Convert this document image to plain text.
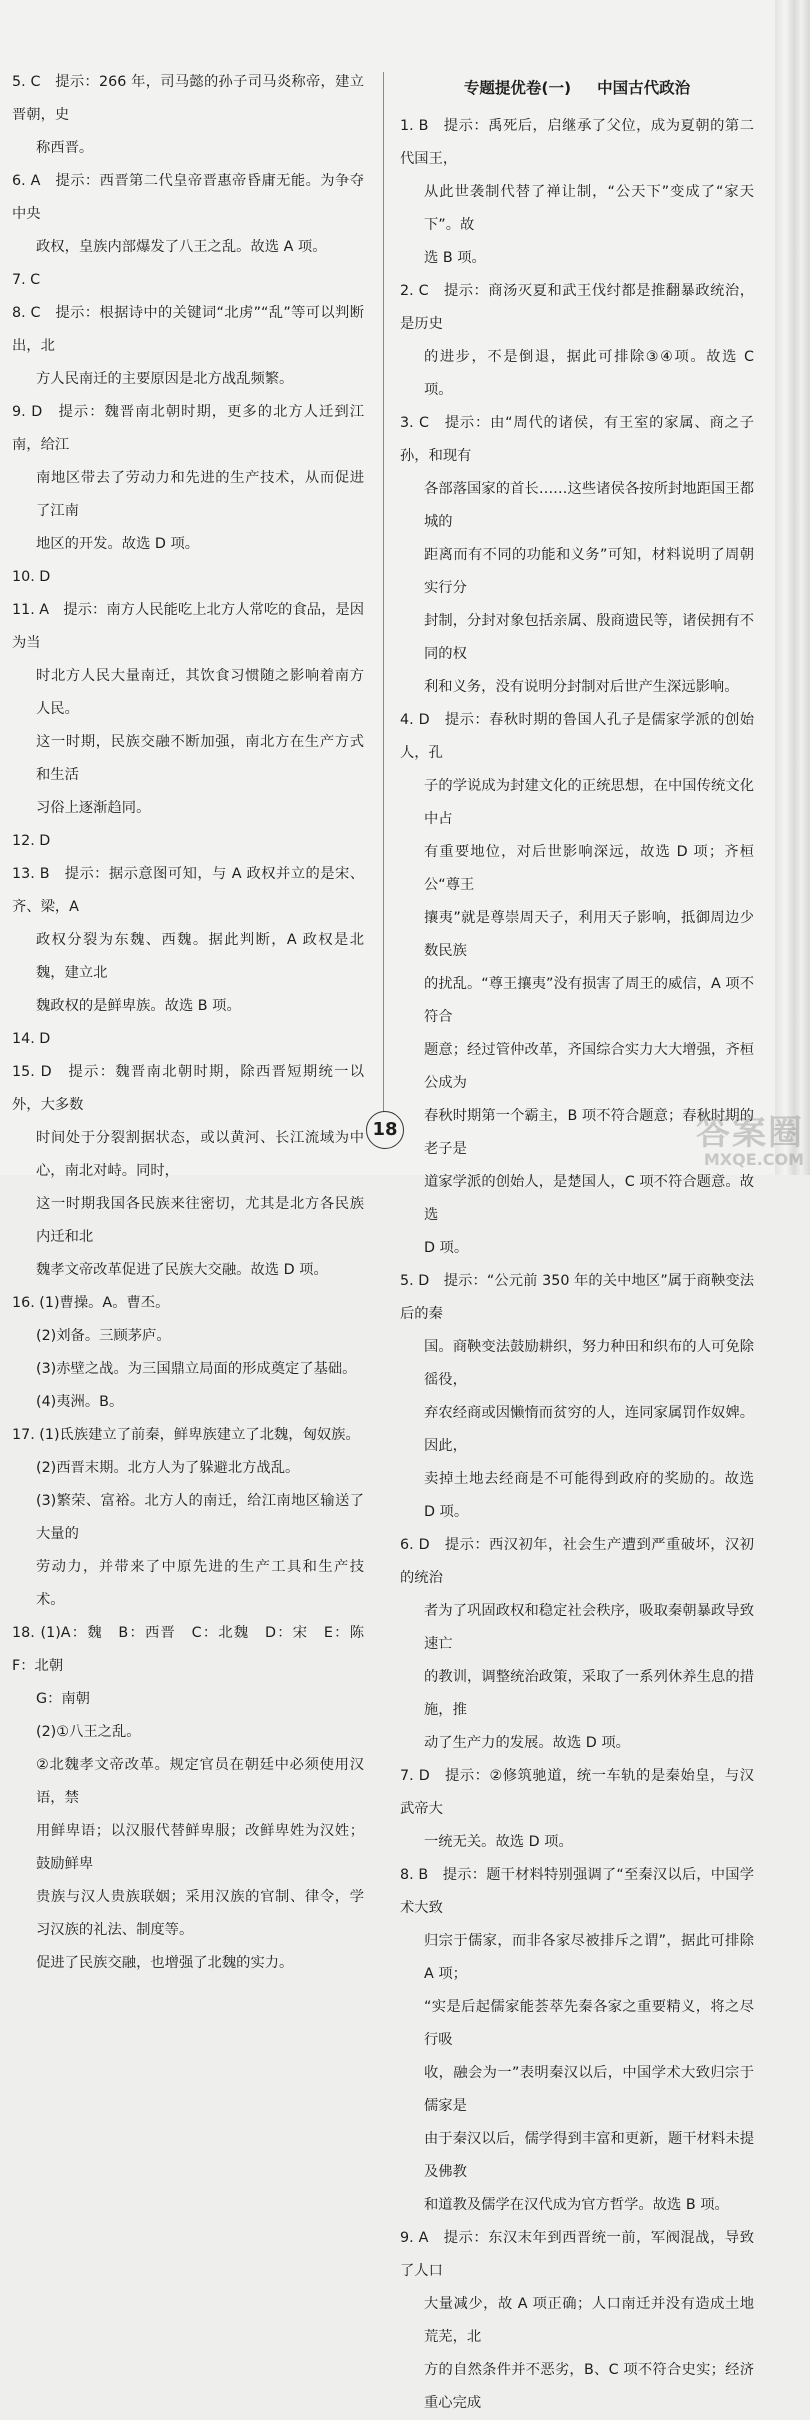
5. C　提示：266 年，司马懿的孙子司马炎称帝，建立晋朝，史
称西晋。
6. A　提示：西晋第二代皇帝晋惠帝昏庸无能。为争夺中央
政权，皇族内部爆发了八王之乱。故选 A 项。
7. C
8. C　提示：根据诗中的关键词“北虏”“乱”等可以判断出，北
方人民南迁的主要原因是北方战乱频繁。
9. D　提示：魏晋南北朝时期，更多的北方人迁到江南，给江
南地区带去了劳动力和先进的生产技术，从而促进了江南
地区的开发。故选 D 项。
10. D
11. A　提示：南方人民能吃上北方人常吃的食品，是因为当
时北方人民大量南迁，其饮食习惯随之影响着南方人民。
这一时期，民族交融不断加强，南北方在生产方式和生活
习俗上逐渐趋同。
12. D
13. B　提示：据示意图可知，与 A 政权并立的是宋、齐、梁，A
政权分裂为东魏、西魏。据此判断，A 政权是北魏，建立北
魏政权的是鲜卑族。故选 B 项。
14. D
15. D　提示：魏晋南北朝时期，除西晋短期统一以外，大多数
时间处于分裂割据状态，或以黄河、长江流域为中心，南北对峙。同时，
这一时期我国各民族来往密切，尤其是北方各民族内迁和北
魏孝文帝改革促进了民族大交融。故选 D 项。
16. (1)曹操。A。曹丕。
(2)刘备。三顾茅庐。
(3)赤壁之战。为三国鼎立局面的形成奠定了基础。
(4)夷洲。B。
17. (1)氐族建立了前秦，鲜卑族建立了北魏，匈奴族。
(2)西晋末期。北方人为了躲避北方战乱。
(3)繁荣、富裕。北方人的南迁，给江南地区输送了大量的
劳动力，并带来了中原先进的生产工具和生产技术。
18. (1)A：魏　B：西晋　C：北魏　D：宋　E：陈　F：北朝
G：南朝
(2)①八王之乱。
②北魏孝文帝改革。规定官员在朝廷中必须使用汉语，禁
用鲜卑语；以汉服代替鲜卑服；改鲜卑姓为汉姓；鼓励鲜卑
贵族与汉人贵族联姻；采用汉族的官制、律令，学习汉族的礼法、制度等。
促进了民族交融，也增强了北魏的实力。
专题提优卷(一) 中国古代政治
1. B　提示：禹死后，启继承了父位，成为夏朝的第二代国王，
从此世袭制代替了禅让制，“公天下”变成了“家天下”。故
选 B 项。
2. C　提示：商汤灭夏和武王伐纣都是推翻暴政统治，是历史
的进步，不是倒退，据此可排除③④项。故选 C 项。
3. C　提示：由“周代的诸侯，有王室的家属、商之子孙，和现有
各部落国家的首长……这些诸侯各按所封地距国王都城的
距离而有不同的功能和义务”可知，材料说明了周朝实行分
封制，分封对象包括亲属、殷商遗民等，诸侯拥有不同的权
利和义务，没有说明分封制对后世产生深远影响。
4. D　提示：春秋时期的鲁国人孔子是儒家学派的创始人，孔
子的学说成为封建文化的正统思想，在中国传统文化中占
有重要地位，对后世影响深远，故选 D 项；齐桓公“尊王
攘夷”就是尊崇周天子，利用天子影响，抵御周边少数民族
的扰乱。“尊王攘夷”没有损害了周王的威信，A 项不符合
题意；经过管仲改革，齐国综合实力大大增强，齐桓公成为
春秋时期第一个霸主，B 项不符合题意；春秋时期的老子是
道家学派的创始人，是楚国人，C 项不符合题意。故选
D 项。
5. D　提示：“公元前 350 年的关中地区”属于商鞅变法后的秦
国。商鞅变法鼓励耕织，努力种田和织布的人可免除徭役，
弃农经商或因懒惰而贫穷的人，连同家属罚作奴婢。因此，
卖掉土地去经商是不可能得到政府的奖励的。故选 D 项。
6. D　提示：西汉初年，社会生产遭到严重破坏，汉初的统治
者为了巩固政权和稳定社会秩序，吸取秦朝暴政导致速亡
的教训，调整统治政策，采取了一系列休养生息的措施，推
动了生产力的发展。故选 D 项。
7. D　提示：②修筑驰道，统一车轨的是秦始皇，与汉武帝大
一统无关。故选 D 项。
8. B　提示：题干材料特别强调了“至秦汉以后，中国学术大致
归宗于儒家，而非各家尽被排斥之谓”，据此可排除 A 项；
“实是后起儒家能荟萃先秦各家之重要精义，将之尽行吸
收，融会为一”表明秦汉以后，中国学术大致归宗于儒家是
由于秦汉以后，儒学得到丰富和更新，题干材料未提及佛教
和道教及儒学在汉代成为官方哲学。故选 B 项。
9. A　提示：东汉末年到西晋统一前，军阀混战，导致了人口
大量减少，故 A 项正确；人口南迁并没有造成土地荒芜，北
方的自然条件并不恶劣，B、C 项不符合史实；经济重心完成
18	答案圈
MXQE.COM
